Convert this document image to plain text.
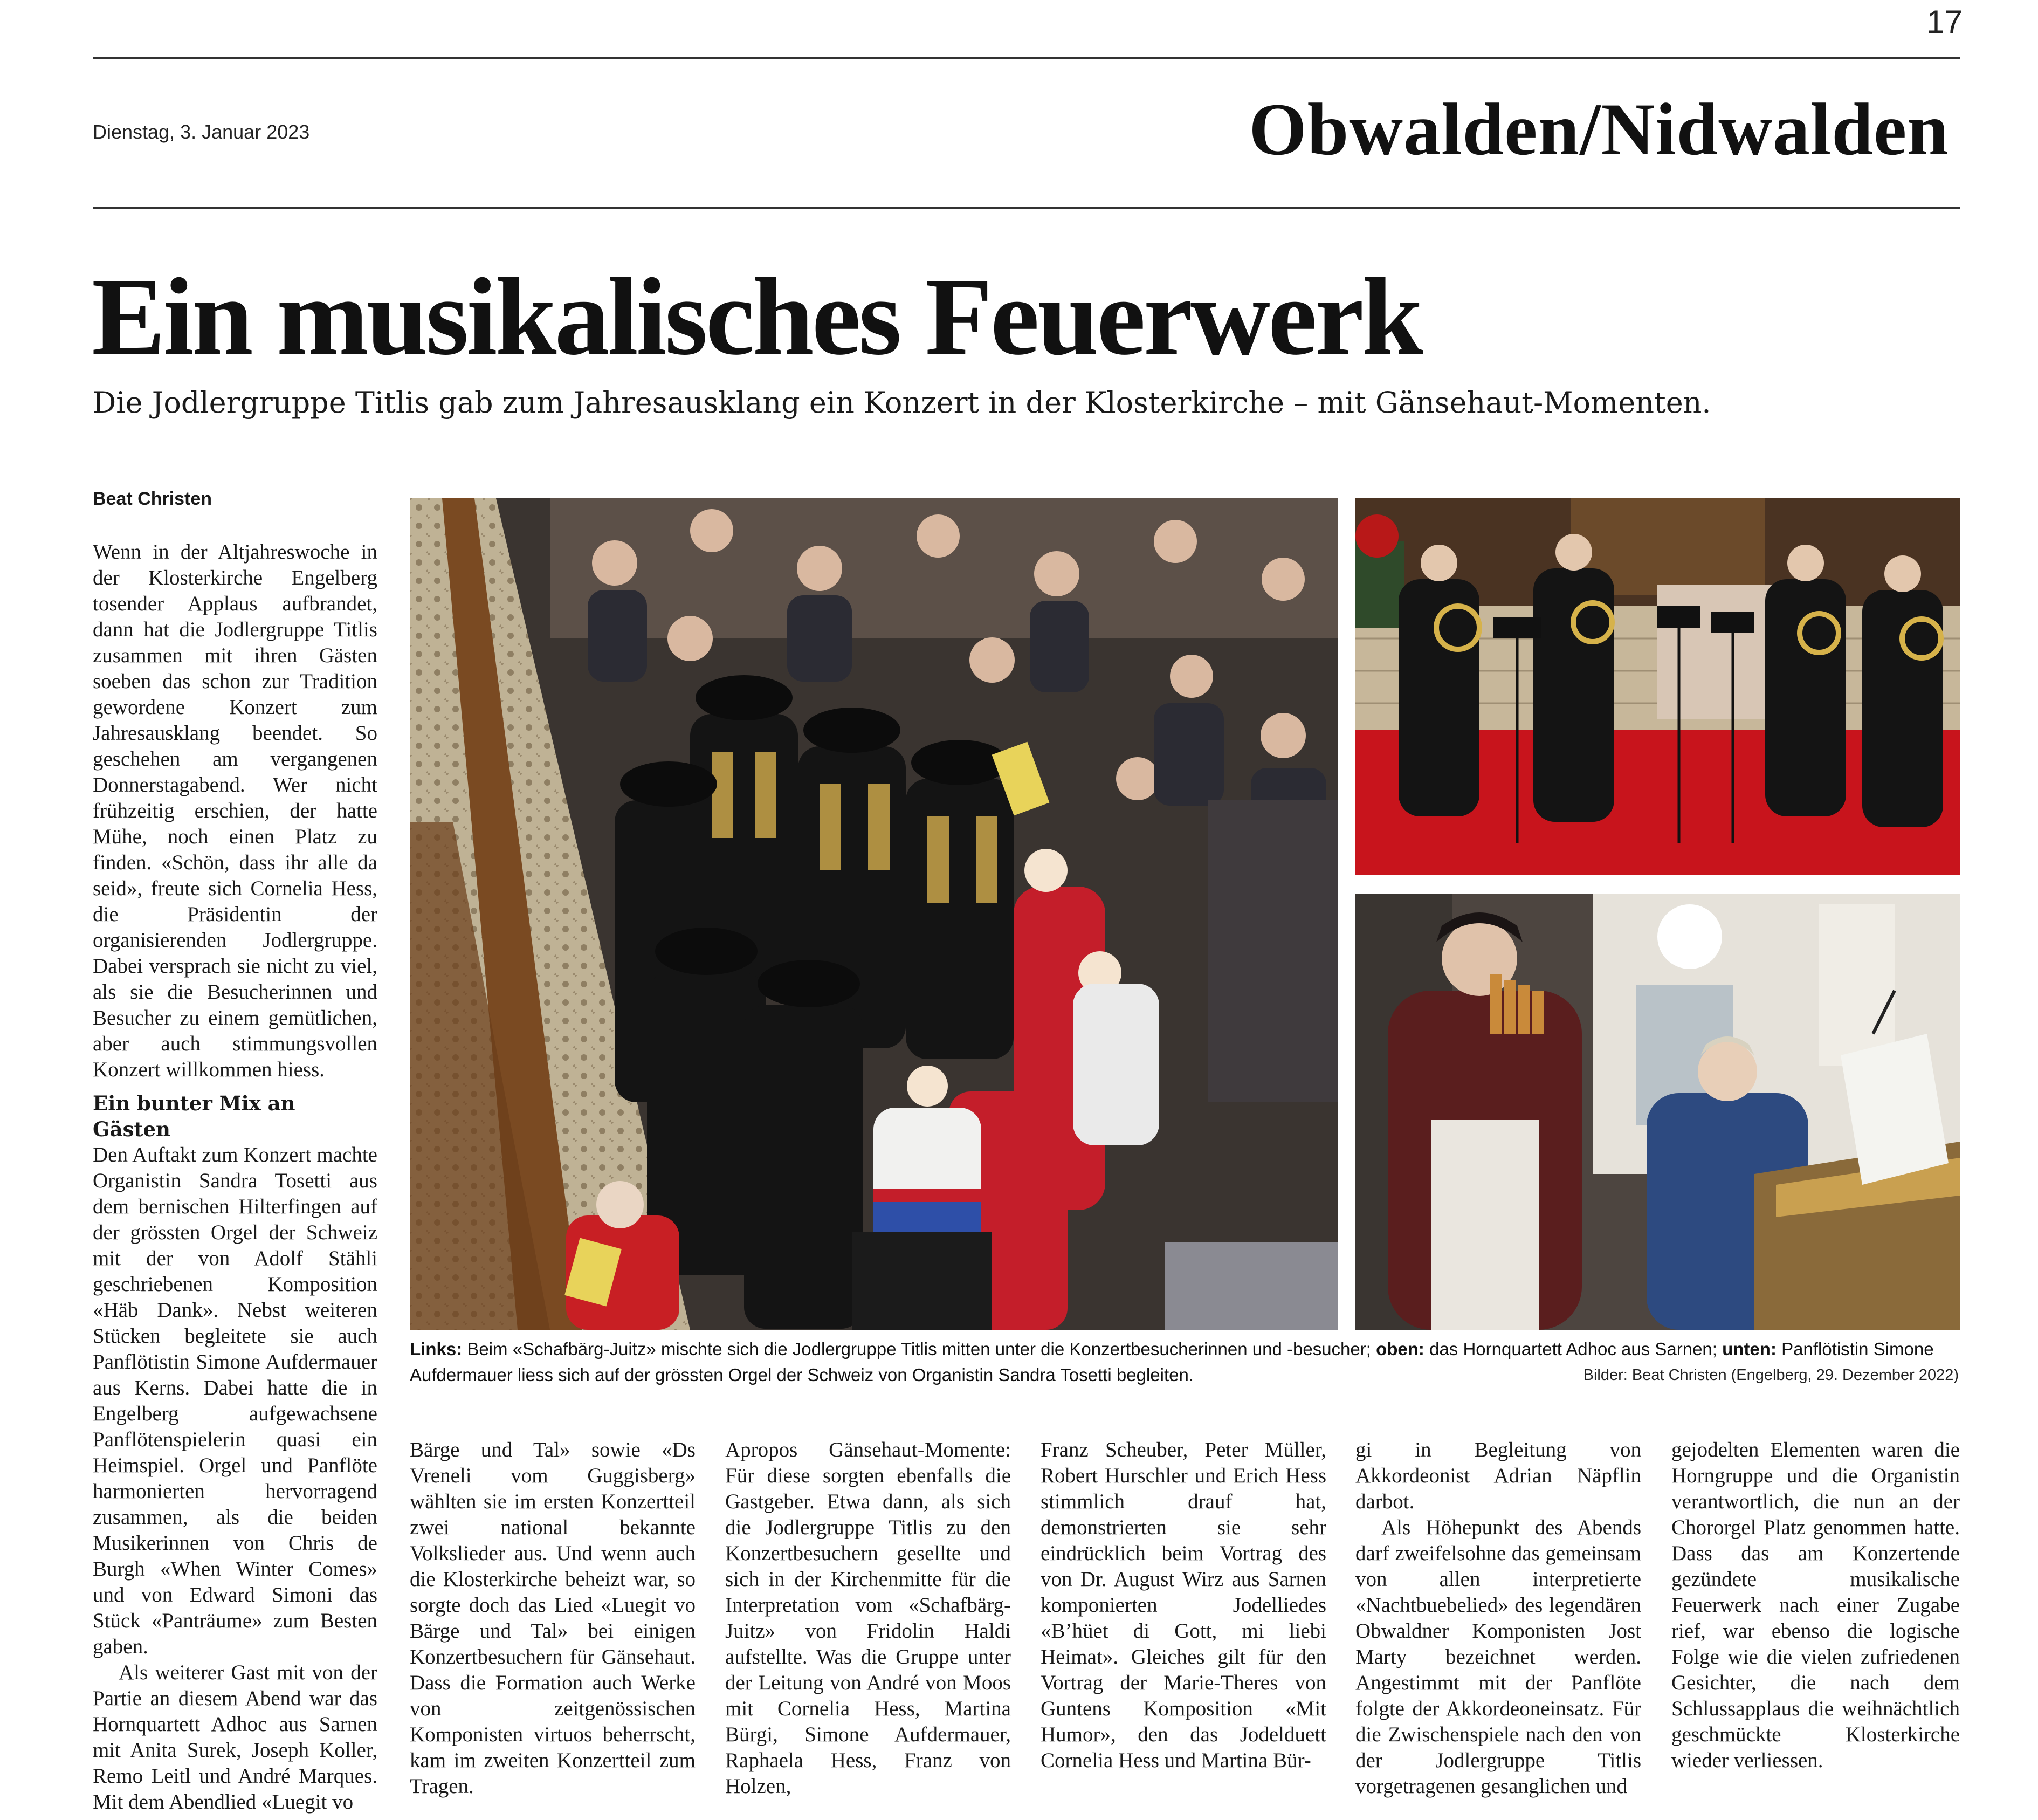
17
Dienstag, 3. Januar 2023	Obwalden/Nidwalden
Ein musikalisches Feuerwerk
Die Jodlergruppe Titlis gab zum Jahresausklang ein Konzert in der Klosterkirche – mit Gänsehaut-Momenten.
Beat Christen

Wenn in der Altjahreswoche in der Klosterkirche Engelberg tosender Applaus aufbrandet, dann hat die Jodlergruppe Titlis zusammen mit ihren Gästen soeben das schon zur Tradition gewordene Konzert zum Jahresausklang beendet. So geschehen am vergangenen Donnerstagabend. Wer nicht frühzeitig erschien, der hatte Mühe, noch einen Platz zu finden. «Schön, dass ihr alle da seid», freute sich Cornelia Hess, die Präsidentin der organisierenden Jodlergruppe. Dabei versprach sie nicht zu viel, als sie die Besucherinnen und Besucher zu einem gemütlichen, aber auch stimmungsvollen Konzert willkommen hiess.

Ein bunter Mix an Gästen

Den Auftakt zum Konzert machte Organistin Sandra Tosetti aus dem bernischen Hilterfingen auf der grössten Orgel der Schweiz mit der von Adolf Stähli geschriebenen Komposition «Häb Dank». Nebst weiteren Stücken begleitete sie auch Panflötistin Simone Aufdermauer aus Kerns. Dabei hatte die in Engelberg aufgewachsene Panflötenspielerin quasi ein Heimspiel. Orgel und Panflöte harmonierten hervorragend zusammen, als die beiden Musikerinnen von Chris de Burgh «When Winter Comes» und von Edward Simoni das Stück «Panträume» zum Besten gaben.

Als weiterer Gast mit von der Partie an diesem Abend war das Hornquartett Adhoc aus Sarnen mit Anita Surek, Joseph Koller, Remo Leitl und André Marques. Mit dem Abendlied «Luegit vo

Links: Beim «Schafbärg-Juitz» mischte sich die Jodlergruppe Titlis mitten unter die Konzertbesucherinnen und -besucher; oben: das Hornquartett Adhoc aus Sarnen; unten: Panflötistin Simone Aufdermauer liess sich auf der grössten Orgel der Schweiz von Organistin Sandra Tosetti begleiten.	Bilder: Beat Christen (Engelberg, 29. Dezember 2022)

Bärge und Tal» sowie «Ds Vreneli vom Guggisberg» wählten sie im ersten Konzertteil zwei national bekannte Volkslieder aus. Und wenn auch die Klosterkirche beheizt war, so sorgte doch das Lied «Luegit vo Bärge und Tal» bei einigen Konzertbesuchern für Gänsehaut. Dass die Formation auch Werke von zeitgenössischen Komponisten virtuos beherrscht, kam im zweiten Konzertteil zum Tragen.

Apropos Gänsehaut-Momente: Für diese sorgten ebenfalls die Gastgeber. Etwa dann, als sich die Jodlergruppe Titlis zu den Konzertbesuchern gesellte und sich in der Kirchenmitte für die Interpretation vom «Schafbärg-Juitz» von Fridolin Haldi aufstellte. Was die Gruppe unter der Leitung von André von Moos mit Cornelia Hess, Martina Bürgi, Simone Aufdermauer, Raphaela Hess, Franz von Holzen,

Franz Scheuber, Peter Müller, Robert Hurschler und Erich Hess stimmlich drauf hat, demonstrierten sie sehr eindrücklich beim Vortrag des von Dr. August Wirz aus Sarnen komponierten Jodelliedes «B’hüet di Gott, mi liebi Heimat». Gleiches gilt für den Vortrag der Marie-Theres von Guntens Komposition «Mit Humor», den das Jodelduett Cornelia Hess und Martina Bür-

gi in Begleitung von Akkordeonist Adrian Näpflin darbot.

Als Höhepunkt des Abends darf zweifelsohne das gemeinsam von allen interpretierte «Nachtbuebelied» des legendären Obwaldner Komponisten Jost Marty bezeichnet werden. Angestimmt mit der Panflöte folgte der Akkordeoneinsatz. Für die Zwischenspiele nach den von der Jodlergruppe Titlis vorgetragenen gesanglichen und

gejodelten Elementen waren die Horngruppe und die Organistin verantwortlich, die nun an der Chororgel Platz genommen hatte. Dass das am Konzertende gezündete musikalische Feuerwerk nach einer Zugabe rief, war ebenso die logische Folge wie die vielen zufriedenen Gesichter, die nach dem Schlussapplaus die weihnächtlich geschmückte Klosterkirche wieder verliessen.
